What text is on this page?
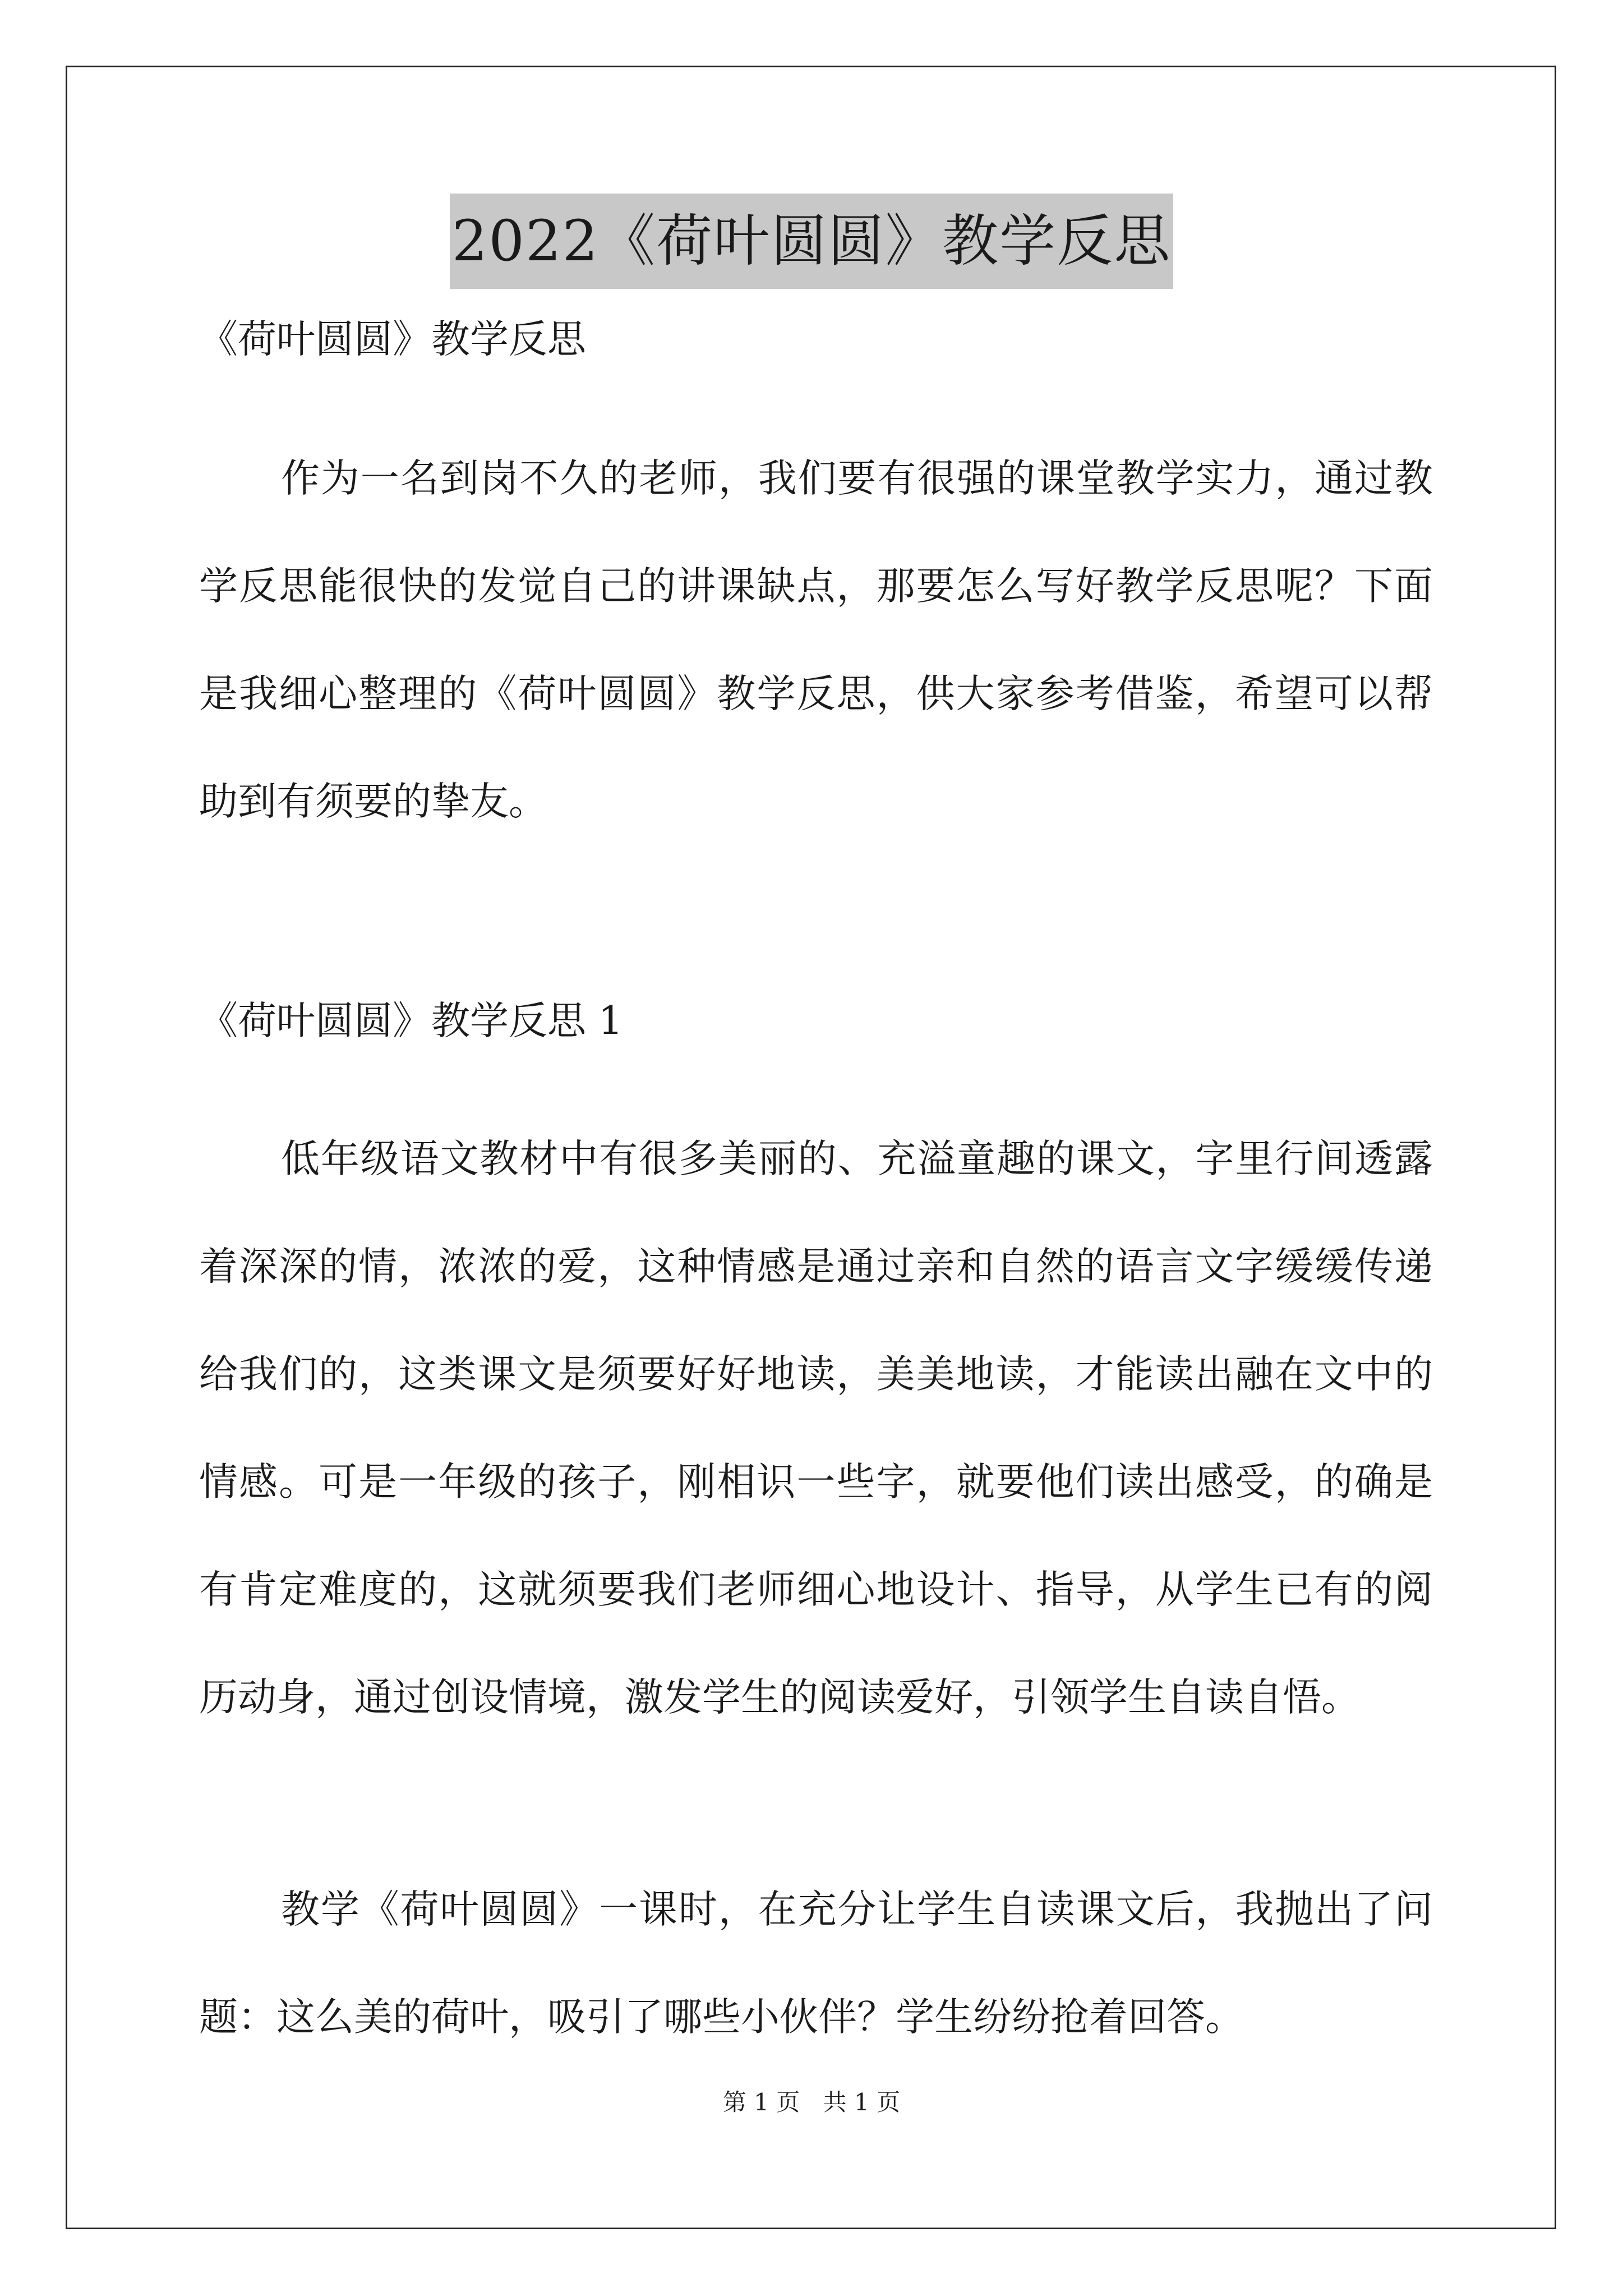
2022《荷叶圆圆》教学反思

《荷叶圆圆》教学反思

作为一名到岗不久的老师，我们要有很强的课堂教学实力，通过教学反思能很快的发觉自己的讲课缺点，那要怎么写好教学反思呢？下面是我细心整理的《荷叶圆圆》教学反思，供大家参考借鉴，希望可以帮助到有须要的挚友。

《荷叶圆圆》教学反思 1

低年级语文教材中有很多美丽的、充溢童趣的课文，字里行间透露着深深的情，浓浓的爱，这种情感是通过亲和自然的语言文字缓缓传递给我们的，这类课文是须要好好地读，美美地读，才能读出融在文中的情感。可是一年级的孩子，刚相识一些字，就要他们读出感受，的确是有肯定难度的，这就须要我们老师细心地设计、指导，从学生已有的阅历动身，通过创设情境，激发学生的阅读爱好，引领学生自读自悟。

教学《荷叶圆圆》一课时，在充分让学生自读课文后，我抛出了问题：这么美的荷叶，吸引了哪些小伙伴？学生纷纷抢着回答。

第 1 页 共 1 页
